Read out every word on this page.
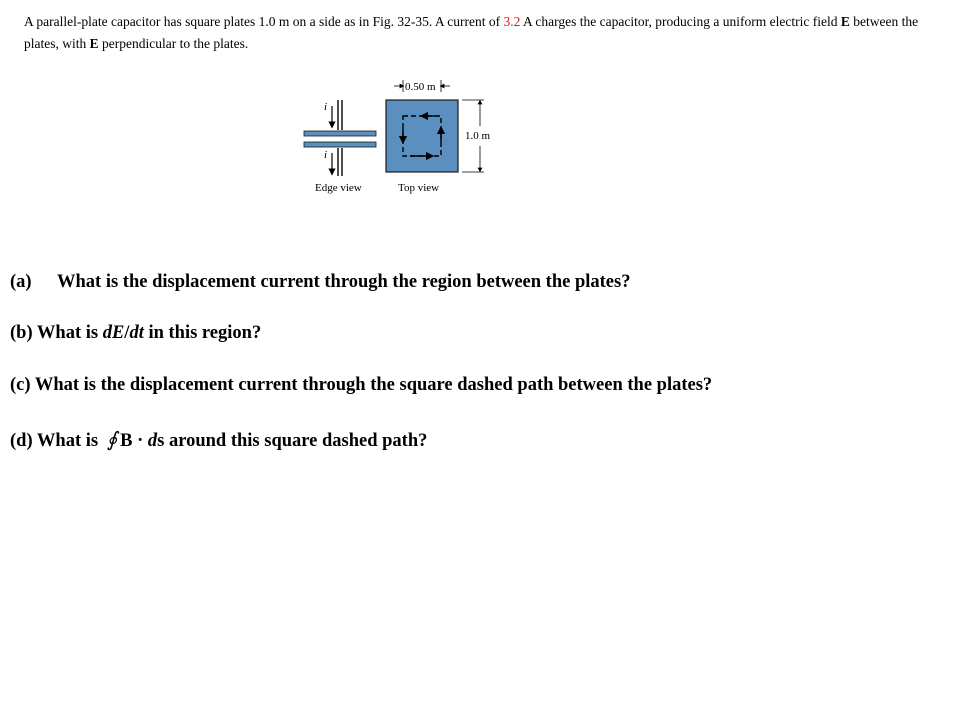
A parallel-plate capacitor has square plates 1.0 m on a side as in Fig. 32-35. A current of 3.2 A charges the capacitor, producing a uniform electric field E between the plates, with E perpendicular to the plates.

i
i
Edge view
0.50 m
1.0 m
Top view

(a) What is the displacement current through the region between the plates?

(b) What is dE/dt in this region?

(c) What is the displacement current through the square dashed path between the plates?

(d) What is ∮ B · ds around this square dashed path?
